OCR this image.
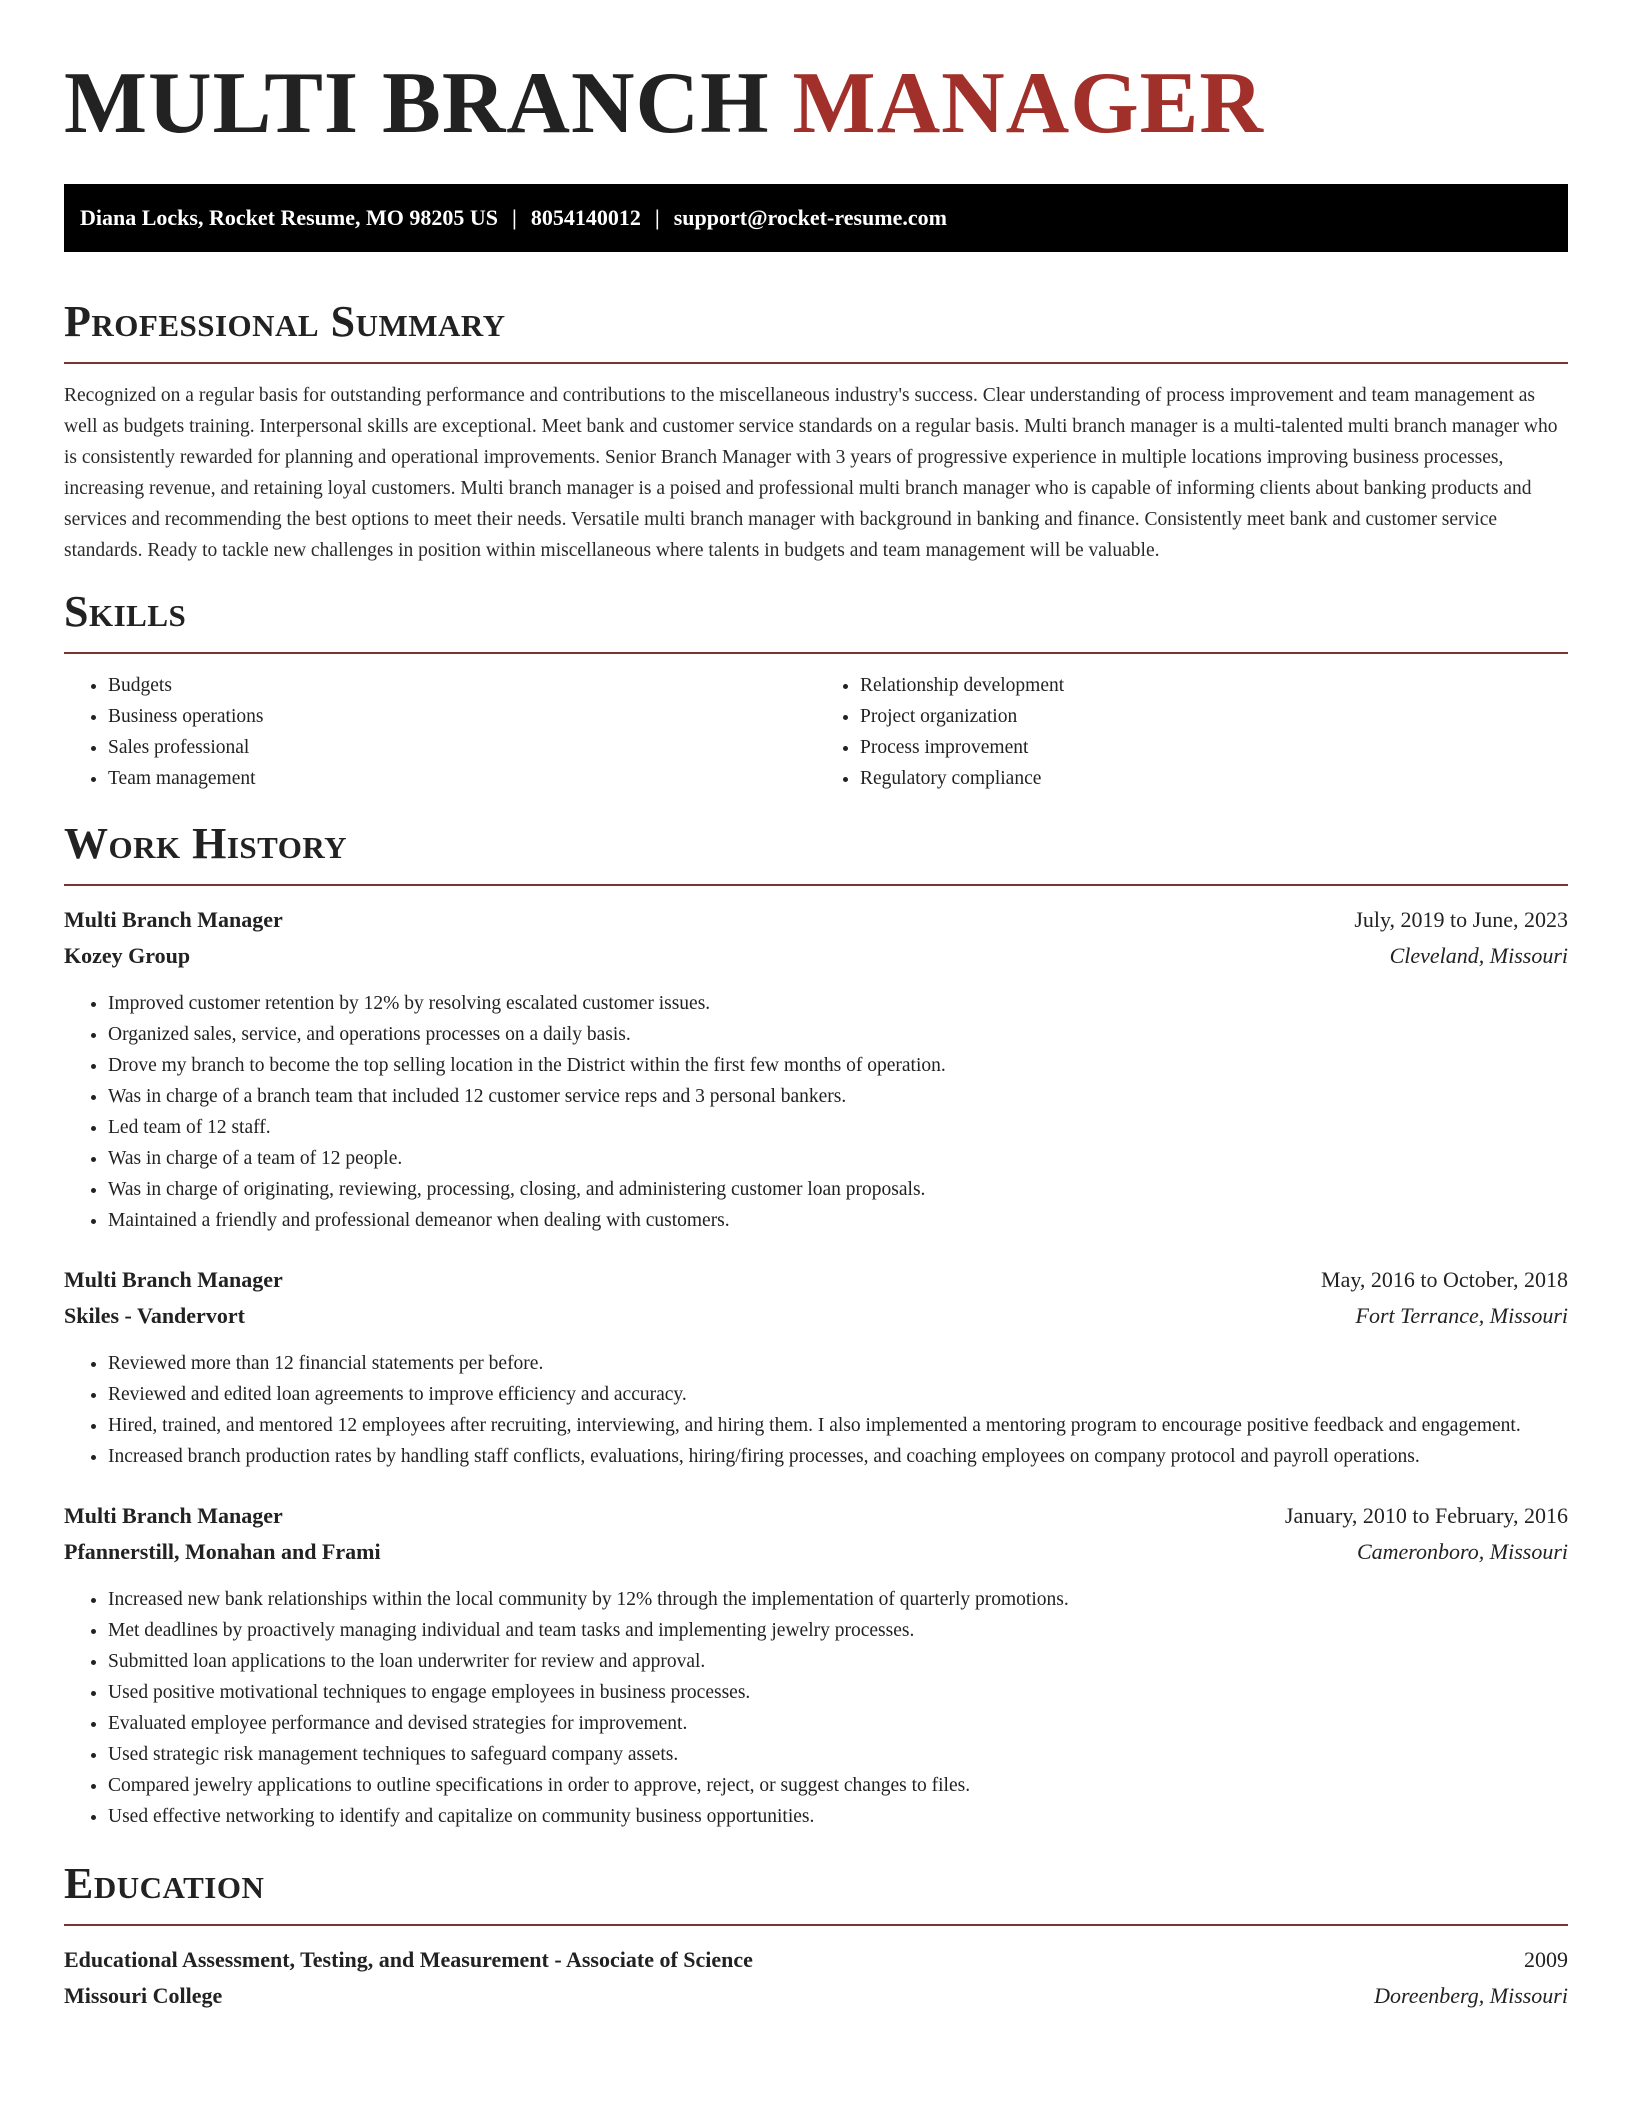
MULTI BRANCH MANAGER
Diana Locks, Rocket Resume, MO 98205 US | 8054140012 | support@rocket-resume.com
Professional Summary

Recognized on a regular basis for outstanding performance and contributions to the miscellaneous industry's success. Clear understanding of process improvement and team management as well as budgets training. Interpersonal skills are exceptional. Meet bank and customer service standards on a regular basis. Multi branch manager is a multi-talented multi branch manager who is consistently rewarded for planning and operational improvements. Senior Branch Manager with 3 years of progressive experience in multiple locations improving business processes, increasing revenue, and retaining loyal customers. Multi branch manager is a poised and professional multi branch manager who is capable of informing clients about banking products and services and recommending the best options to meet their needs. Versatile multi branch manager with background in banking and finance. Consistently meet bank and customer service standards. Ready to tackle new challenges in position within miscellaneous where talents in budgets and team management will be valuable.

Skills
• Budgets
• Business operations
• Sales professional
• Team management
• Relationship development
• Project organization
• Process improvement
• Regulatory compliance
Work History
Multi Branch Manager	July, 2019 to June, 2023
Kozey Group	Cleveland, Missouri
• Improved customer retention by 12% by resolving escalated customer issues.
• Organized sales, service, and operations processes on a daily basis.
• Drove my branch to become the top selling location in the District within the first few months of operation.
• Was in charge of a branch team that included 12 customer service reps and 3 personal bankers.
• Led team of 12 staff.
• Was in charge of a team of 12 people.
• Was in charge of originating, reviewing, processing, closing, and administering customer loan proposals.
• Maintained a friendly and professional demeanor when dealing with customers.
Multi Branch Manager	May, 2016 to October, 2018
Skiles - Vandervort	Fort Terrance, Missouri
• Reviewed more than 12 financial statements per before.
• Reviewed and edited loan agreements to improve efficiency and accuracy.
• Hired, trained, and mentored 12 employees after recruiting, interviewing, and hiring them. I also implemented a mentoring program to encourage positive feedback and engagement.
• Increased branch production rates by handling staff conflicts, evaluations, hiring/firing processes, and coaching employees on company protocol and payroll operations.
Multi Branch Manager	January, 2010 to February, 2016
Pfannerstill, Monahan and Frami	Cameronboro, Missouri
• Increased new bank relationships within the local community by 12% through the implementation of quarterly promotions.
• Met deadlines by proactively managing individual and team tasks and implementing jewelry processes.
• Submitted loan applications to the loan underwriter for review and approval.
• Used positive motivational techniques to engage employees in business processes.
• Evaluated employee performance and devised strategies for improvement.
• Used strategic risk management techniques to safeguard company assets.
• Compared jewelry applications to outline specifications in order to approve, reject, or suggest changes to files.
• Used effective networking to identify and capitalize on community business opportunities.
Education
Educational Assessment, Testing, and Measurement - Associate of Science	2009
Missouri College	Doreenberg, Missouri
